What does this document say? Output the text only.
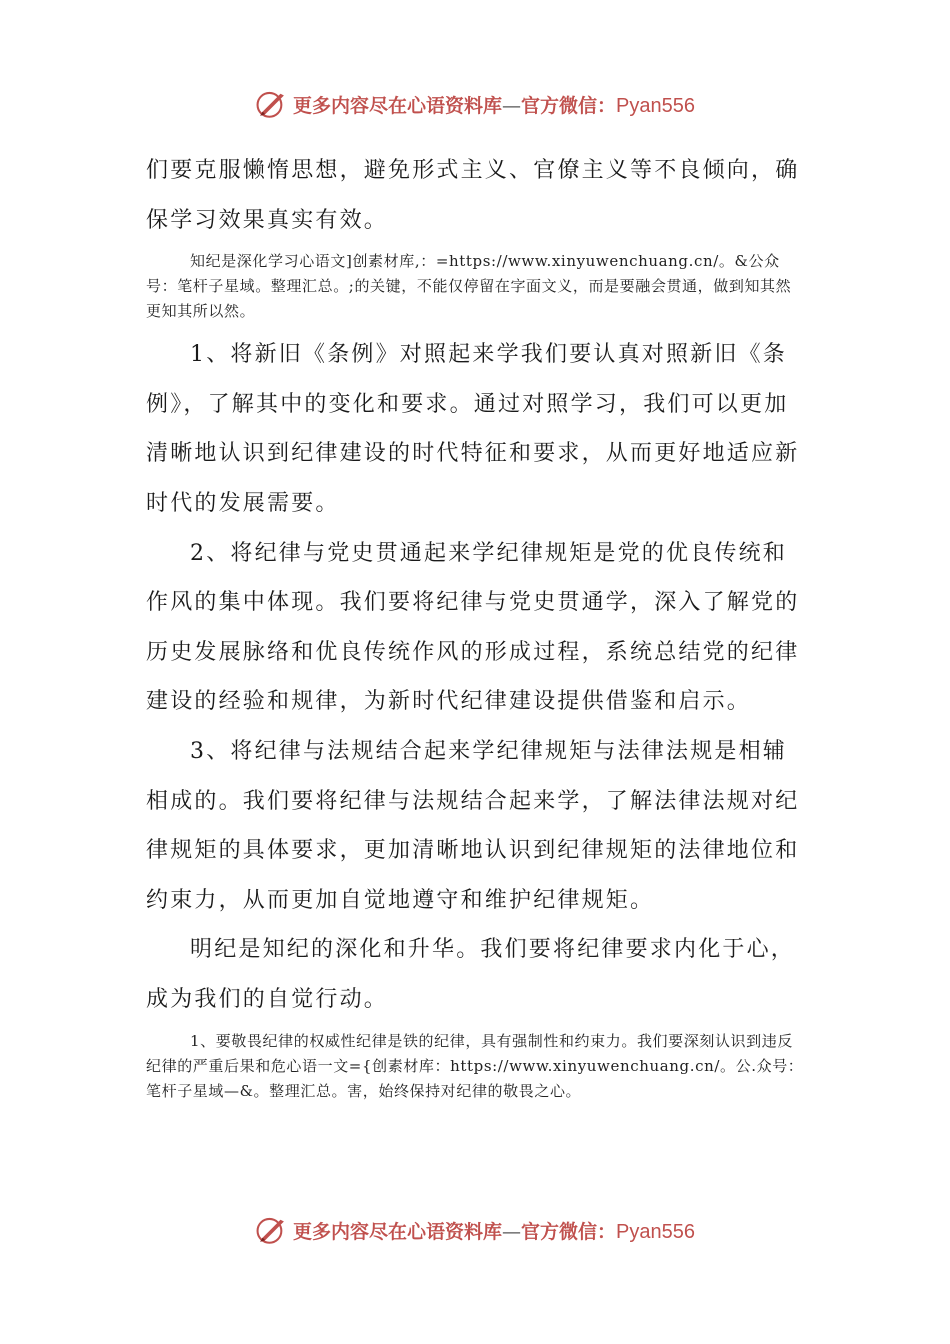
更多内容尽在心语资料库—官方微信：Pyan556

们要克服懒惰思想，避免形式主义、官僚主义等不良倾向，确保学习效果真实有效。

知纪是深化学习心语文]创素材库,：=https://www.xinyuwenchuang.cn/。&公众号：笔杆子星域。整理汇总。;的关键，不能仅停留在字面文义，而是要融会贯通，做到知其然更知其所以然。

1、将新旧《条例》对照起来学我们要认真对照新旧《条例》，了解其中的变化和要求。通过对照学习，我们可以更加清晰地认识到纪律建设的时代特征和要求，从而更好地适应新时代的发展需要。

2、将纪律与党史贯通起来学纪律规矩是党的优良传统和作风的集中体现。我们要将纪律与党史贯通学，深入了解党的历史发展脉络和优良传统作风的形成过程，系统总结党的纪律建设的经验和规律，为新时代纪律建设提供借鉴和启示。

3、将纪律与法规结合起来学纪律规矩与法律法规是相辅相成的。我们要将纪律与法规结合起来学，了解法律法规对纪律规矩的具体要求，更加清晰地认识到纪律规矩的法律地位和约束力，从而更加自觉地遵守和维护纪律规矩。

明纪是知纪的深化和升华。我们要将纪律要求内化于心，成为我们的自觉行动。

1、要敬畏纪律的权威性纪律是铁的纪律，具有强制性和约束力。我们要深刻认识到违反纪律的严重后果和危心语一文={创素材库：https://www.xinyuwenchuang.cn/。公.众号：笔杆子星域—&。整理汇总。害，始终保持对纪律的敬畏之心。

更多内容尽在心语资料库—官方微信：Pyan556
